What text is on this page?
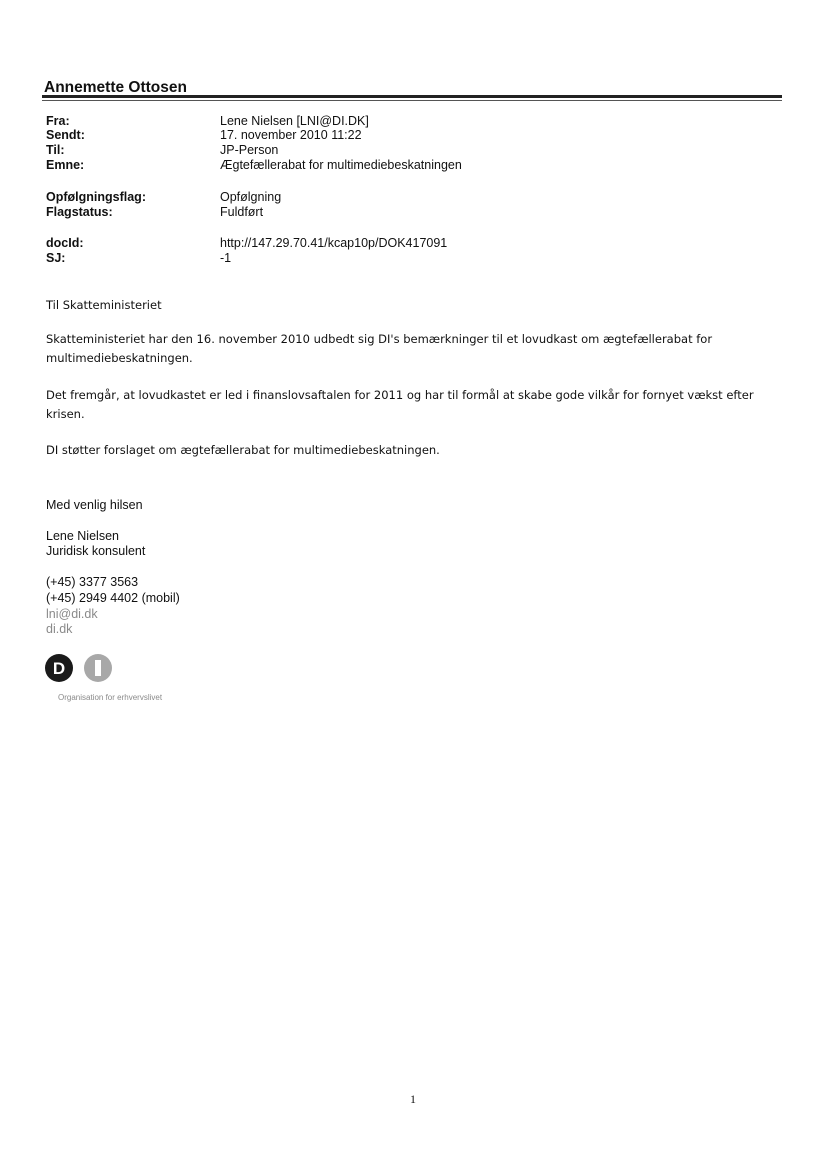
Annemette Ottosen
Fra:	Lene Nielsen [LNI@DI.DK]
Sendt:	17. november 2010 11:22
Til:	JP-Person
Emne:	Ægtefællerabat for multimediebeskatningen
Opfølgningsflag:	Opfølgning
Flagstatus:	Fuldført
docId:	http://147.29.70.41/kcap10p/DOK417091
SJ:	-1
Til Skatteministeriet
Skatteministeriet har den 16. november 2010 udbedt sig DI's bemærkninger til et lovudkast om ægtefællerabat for multimediebeskatningen.
Det fremgår, at lovudkastet er led i finanslovsaftalen for 2011 og har til formål at skabe gode vilkår for fornyet vækst efter krisen.
DI støtter forslaget om ægtefællerabat for multimediebeskatningen.
Med venlig hilsen
Lene Nielsen
Juridisk konsulent
(+45) 3377 3563
(+45) 2949 4402 (mobil)
lni@di.dk
di.dk
D
Organisation for erhvervslivet
1
